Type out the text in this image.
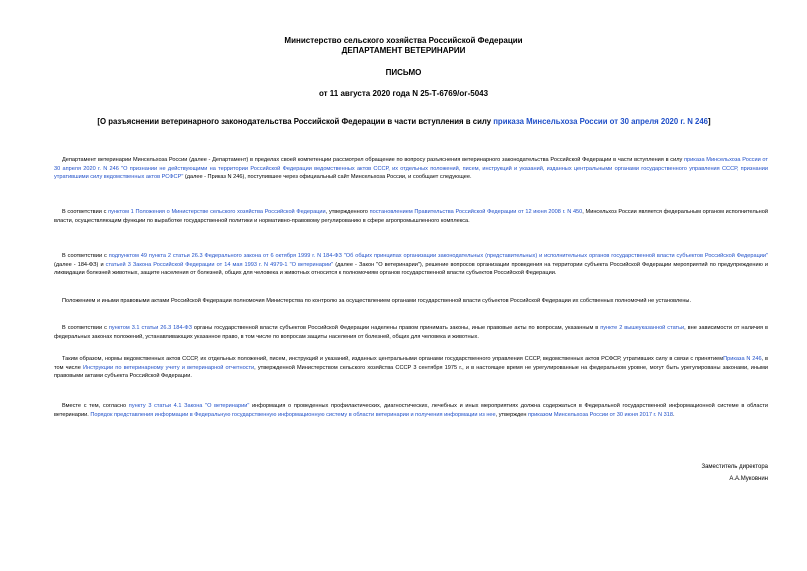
Министерство сельского хозяйства Российской Федерации
ДЕПАРТАМЕНТ ВЕТЕРИНАРИИ
ПИСЬМО
от 11 августа 2020 года N 25-Т-6769/ог-5043
[О разъяснении ветеринарного законодательства Российской Федерации в части вступления в силу приказа Минсельхоза России от 30 апреля 2020 г. N 246]

Департамент ветеринарии Минсельхоза России (далее - Департамент) в пределах своей компетенции рассмотрел обращение по вопросу разъяснения ветеринарного законодательства Российской Федерации в части вступления в силу приказа Минсельхоза России от 30 апреля 2020 г. N 246 "О признании не действующими на территории Российской Федерации ведомственных актов СССР, их отдельных положений, писем, инструкций и указаний, изданных центральными органами государственного управления СССР, признании утратившими силу ведомственных актов РСФСР" (далее - Приказ N 246), поступившее через официальный сайт Минсельхоза России, и сообщает следующее.

В соответствии с пунктом 1 Положения о Министерстве сельского хозяйства Российской Федерации, утвержденного постановлением Правительства Российской Федерации от 12 июня 2008 г. N 450, Минсельхоз России является федеральным органом исполнительной власти, осуществляющим функции по выработке государственной политики и нормативно-правовому регулированию в сфере агропромышленного комплекса.

В соответствии с подпунктом 49 пункта 2 статьи 26.3 Федерального закона от 6 октября 1999 г. N 184-ФЗ "Об общих принципах организации законодательных (представительных) и исполнительных органов государственной власти субъектов Российской Федерации" (далее - 184-ФЗ) и статьей 3 Закона Российской Федерации от 14 мая 1993 г. N 4979-1 "О ветеринарии" (далее - Закон "О ветеринарии"), решение вопросов организации проведения на территории субъекта Российской Федерации мероприятий по предупреждению и ликвидации болезней животных, защите населения от болезней, общих для человека и животных относится к полномочиям органов государственной власти субъектов Российской Федерации.

Положением и иными правовыми актами Российской Федерации полномочия Министерства по контролю за осуществлением органами государственной власти субъектов Российской Федерации их собственных полномочий не установлены.

В соответствии с пунктом 3.1 статьи 26.3 184-ФЗ органы государственной власти субъектов Российской Федерации наделены правом принимать законы, иные правовые акты по вопросам, указанным в пункте 2 вышеуказанной статьи, вне зависимости от наличия в федеральных законах положений, устанавливающих указанное право, в том числе по вопросам защиты населения от болезней, общих для человека и животных.

Таким образом, нормы ведомственных актов СССР, их отдельных положений, писем, инструкций и указаний, изданных центральными органами государственного управления СССР, ведомственных актов РСФСР, утративших силу в связи с принятиемПриказа N 246, в том числе Инструкции по ветеринарному учету и ветеринарной отчетности, утвержденной Министерством сельского хозяйства СССР 3 сентября 1975 г., и в настоящее время не урегулированные на федеральном уровне, могут быть урегулированы законами, иными правовыми актами субъекта Российской Федерации.

Вместе с тем, согласно пункту 3 статьи 4.1 Закона "О ветеринарии" информация о проведенных профилактических, диагностических, лечебных и иных мероприятиях должна содержаться в Федеральной государственной информационной системе в области ветеринарии. Порядок представления информации в Федеральную государственную информационную систему в области ветеринарии и получения информации из нее, утвержден приказом Минсельхоза России от 30 июня 2017 г. N 318.

Заместитель директора
А.А.Муковнин
